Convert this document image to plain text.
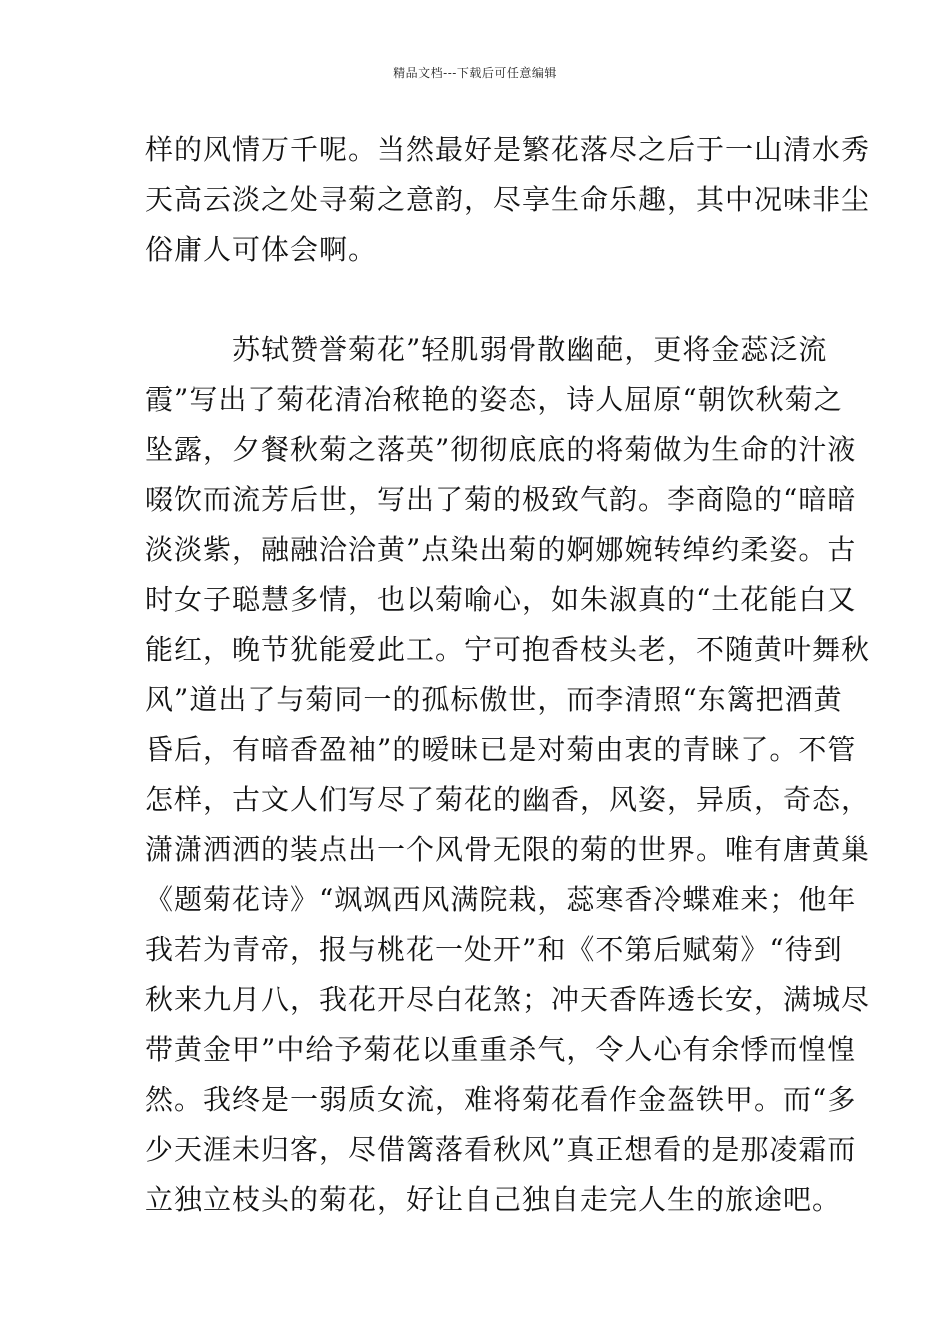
精品文档---下载后可任意编辑
样的风情万千呢。当然最好是繁花落尽之后于一山清水秀
天高云淡之处寻菊之意韵，尽享生命乐趣，其中况味非尘
俗庸人可体会啊。
　　　苏轼赞誉菊花”轻肌弱骨散幽葩，更将金蕊泛流
霞”写出了菊花清冶秾艳的姿态，诗人屈原“朝饮秋菊之
坠露，夕餐秋菊之落英”彻彻底底的将菊做为生命的汁液
啜饮而流芳后世，写出了菊的极致气韵。李商隐的“暗暗
淡淡紫，融融洽洽黄”点染出菊的婀娜婉转绰约柔姿。古
时女子聪慧多情，也以菊喻心，如朱淑真的“土花能白又
能红，晚节犹能爱此工。宁可抱香枝头老，不随黄叶舞秋
风”道出了与菊同一的孤标傲世，而李清照“东篱把酒黄
昏后，有暗香盈袖”的暧昧已是对菊由衷的青睐了。不管
怎样，古文人们写尽了菊花的幽香，风姿，异质，奇态，
潇潇洒洒的装点出一个风骨无限的菊的世界。唯有唐黄巢
《题菊花诗》“飒飒西风满院栽，蕊寒香冷蝶难来；他年
我若为青帝，报与桃花一处开”和《不第后赋菊》“待到
秋来九月八，我花开尽白花煞；冲天香阵透长安，满城尽
带黄金甲”中给予菊花以重重杀气，令人心有余悸而惶惶
然。我终是一弱质女流，难将菊花看作金盔铁甲。而“多
少天涯未归客，尽借篱落看秋风”真正想看的是那凌霜而
立独立枝头的菊花，好让自己独自走完人生的旅途吧。
